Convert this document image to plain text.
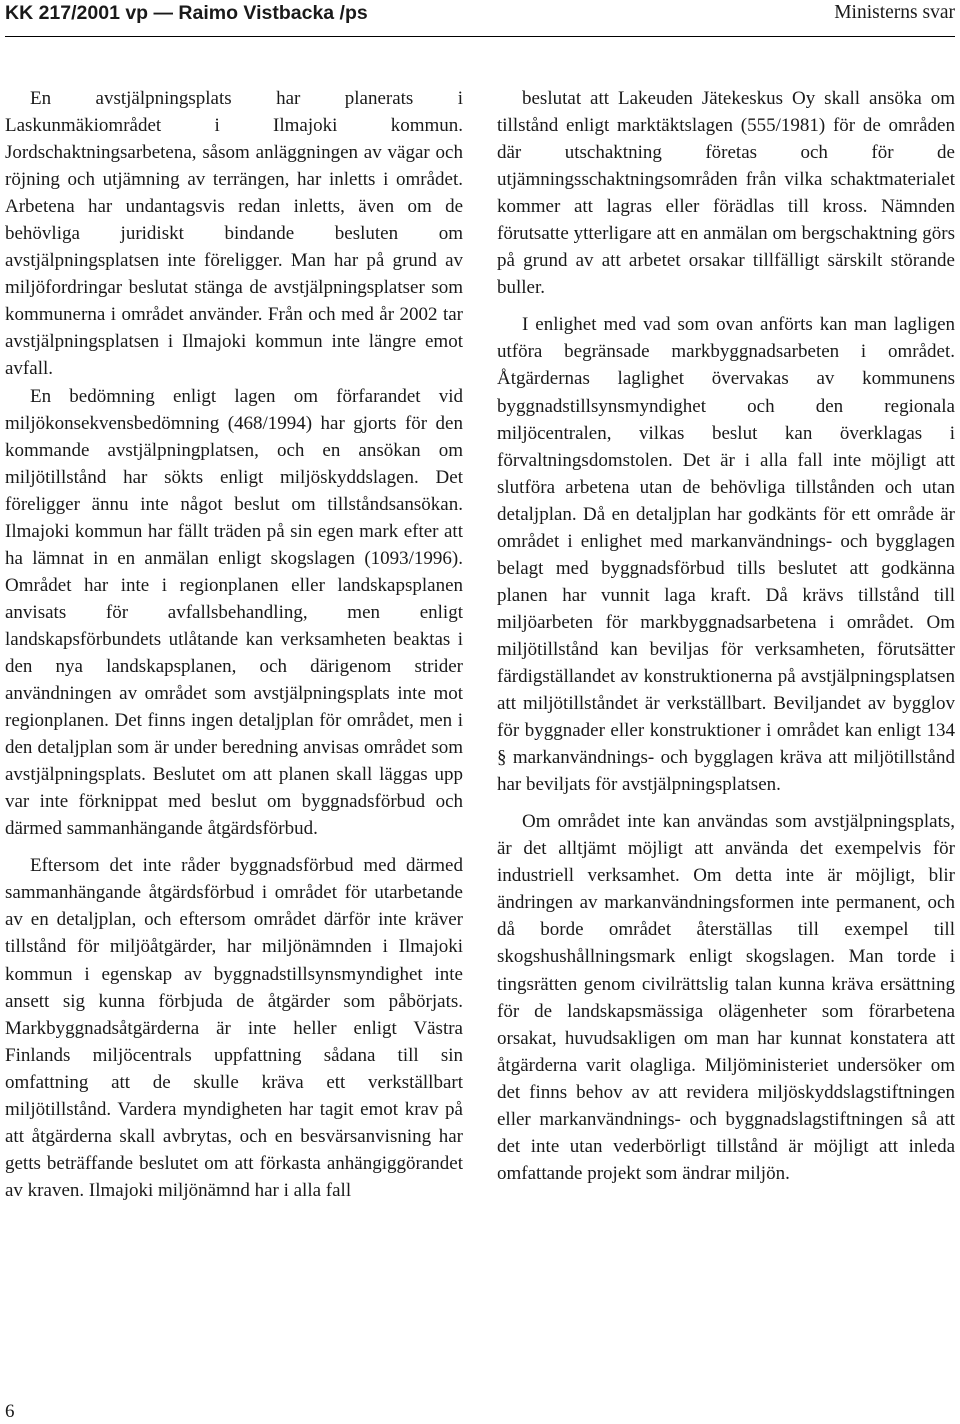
KK 217/2001 vp — Raimo Vistbacka /ps	Ministerns svar

En avstjälpningsplats har planerats i Laskunmäkiområdet i Ilmajoki kommun. Jordschaktningsarbetena, såsom anläggningen av vägar och röjning och utjämning av terrängen, har inletts i området. Arbetena har undantagsvis redan inletts, även om de behövliga juridiskt bindande besluten om avstjälpningsplatsen inte föreligger. Man har på grund av miljöfordringar beslutat stänga de avstjälpningsplatser som kommunerna i området använder. Från och med år 2002 tar avstjälpningsplatsen i Ilmajoki kommun inte längre emot avfall.

En bedömning enligt lagen om förfarandet vid miljökonsekvensbedömning (468/1994) har gjorts för den kommande avstjälpningplatsen, och en ansökan om miljötillstånd har sökts enligt miljöskyddslagen. Det föreligger ännu inte något beslut om tillståndsansökan. Ilmajoki kommun har fällt träden på sin egen mark efter att ha lämnat in en anmälan enligt skogslagen (1093/1996). Området har inte i regionplanen eller landskapsplanen anvisats för avfallsbehandling, men enligt landskapsförbundets utlåtande kan verksamheten beaktas i den nya landskapsplanen, och därigenom strider användningen av området som avstjälpningsplats inte mot regionplanen. Det finns ingen detaljplan för området, men i den detaljplan som är under beredning anvisas området som avstjälpningsplats. Beslutet om att planen skall läggas upp var inte förknippat med beslut om byggnadsförbud och därmed sammanhängande åtgärdsförbud.

Eftersom det inte råder byggnadsförbud med därmed sammanhängande åtgärdsförbud i området för utarbetande av en detaljplan, och eftersom området därför inte kräver tillstånd för miljöåtgärder, har miljönämnden i Ilmajoki kommun i egenskap av byggnadstillsynsmyndighet inte ansett sig kunna förbjuda de åtgärder som påbörjats. Markbyggnadsåtgärderna är inte heller enligt Västra Finlands miljöcentrals uppfattning sådana till sin omfattning att de skulle kräva ett verkställbart miljötillstånd. Vardera myndigheten har tagit emot krav på att åtgärderna skall avbrytas, och en besvärsanvisning har getts beträffande beslutet om att förkasta anhängiggörandet av kraven. Ilmajoki miljönämnd har i alla fall

beslutat att Lakeuden Jätekeskus Oy skall ansöka om tillstånd enligt marktäktslagen (555/1981) för de områden där utschaktning företas och för de utjämningsschaktningsområden från vilka schaktmaterialet kommer att lagras eller förädlas till kross. Nämnden förutsatte ytterligare att en anmälan om bergschaktning görs på grund av att arbetet orsakar tillfälligt särskilt störande buller.

I enlighet med vad som ovan anförts kan man lagligen utföra begränsade markbyggnadsarbeten i området. Åtgärdernas laglighet övervakas av kommunens byggnadstillsynsmyndighet och den regionala miljöcentralen, vilkas beslut kan överklagas i förvaltningsdomstolen. Det är i alla fall inte möjligt att slutföra arbetena utan de behövliga tillstånden och utan detaljplan. Då en detaljplan har godkänts för ett område är området i enlighet med markanvändnings- och bygglagen belagt med byggnadsförbud tills beslutet att godkänna planen har vunnit laga kraft. Då krävs tillstånd till miljöarbeten för markbyggnadsarbetena i området. Om miljötillstånd kan beviljas för verksamheten, förutsätter färdigställandet av konstruktionerna på avstjälpningsplatsen att miljötillståndet är verkställbart. Beviljandet av bygglov för byggnader eller konstruktioner i området kan enligt 134 § markanvändnings- och bygglagen kräva att miljötillstånd har beviljats för avstjälpningsplatsen.

Om området inte kan användas som avstjälpningsplats, är det alltjämt möjligt att använda det exempelvis för industriell verksamhet. Om detta inte är möjligt, blir ändringen av markanvändningsformen inte permanent, och då borde området återställas till exempel till skogshushållningsmark enligt skogslagen. Man torde i tingsrätten genom civilrättslig talan kunna kräva ersättning för de landskapsmässiga olägenheter som förarbetena orsakat, huvudsakligen om man har kunnat konstatera att åtgärderna varit olagliga. Miljöministeriet undersöker om det finns behov av att revidera miljöskyddslagstiftningen eller markanvändnings- och byggnadslagstiftningen så att det inte utan vederbörligt tillstånd är möjligt att inleda omfattande projekt som ändrar miljön.

6
